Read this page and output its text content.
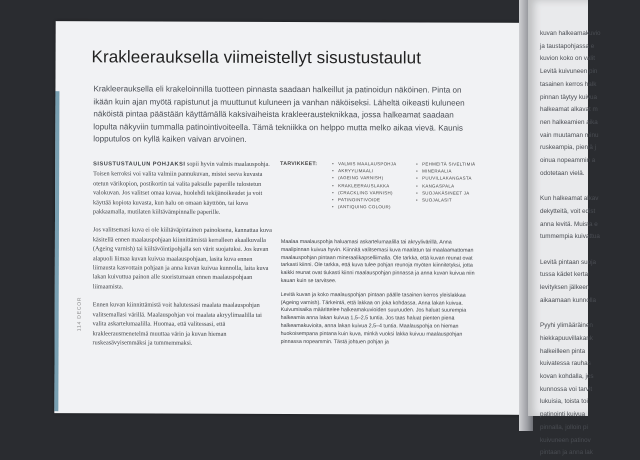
Krakleerauksella viimeistellyt sisustustaulut
Krakleerauksella eli krakeloinnilla tuotteen pinnasta saadaan halkeillut ja patinoidun näköinen. Pinta on ikään kuin ajan myötä rapistunut ja muuttunut kuluneen ja vanhan näköiseksi. Läheltä oikeasti kuluneen näköistä pintaa päästään käyttämällä kaksivaiheista krakleerausteknikkaa, jossa halkeamat saadaan lopulta näkyviin tummalla patinointivoiteella. Tämä tekniikka on helppo mutta melko aikaa vievä. Kaunis lopputulos on kyllä kaiken vaivan arvoinen.

SISUSTUSTAULUN POHJAKSI sopii hyvin valmis maalauspohja. Toisen kerroksi voi valita valmiin pannukuvan, mistei seeva kuvasta otetun värikopion, postikortin tai valita paksulle paperille tulostetun valokuvan. Jos valitset omaa kuvaa, huolehdi tekijänoikeudet ja voit käyttää kopiota kuvasta, kun halu on omaan käyttöön, tai kuva pakkaamalla, mutilaten kiiltävämpinnalle paperille.

Jos valitsemasi kuva ei ole kiiltäväpintainen painoksena, kannattaa kuva käsitellä ennen maalauspohjaan kiinnittämistä kerralleen akaalkuvalla (Ageing varnish) tai kiiltävöintipohjalla sen värit suojatuksi. Jos kuvan alapuoli liimaa kuvan kuivua maalauspohjaan, lasita kuva ennen liimausta kasvottain pohjaan ja anna kuvan kuivua kunnolla, laita kuva lakan kuivuttua painon alle suoristumaan ennen maalauspohjaan liimaamista.

Ennen kuvan kiinnittämistä voit halutessasi maalata maalauspohjan valitsemallasi värillä. Maalauspohjan voi maalata akryylimaalilla tai valita askartelumaalilla. Huomaa, että valitessasi, että krakleerausmenetelmä muuttaa värin ja kuvan hieman ruskeasävyisemmäksi ja tummemmaksi.

TARVIKKEET:
•	VALMIS MAALAUSPOHJA
• AKRYYLIMAALI
• (AGEING VARNISH)
• KRAKLEERAUSLAKKA
• (CRACKLING VARNISH)
• PATINOINTIVOIDE
• (ANTIQUING COLOUR)
• PEHMEITÄ SIVELTIMIÄ
• MINERAALIA
• PUUVILLAKANGASTA
• KANGASPALA
• SUOJAKÄSINEET JA
• SUOJALASIT

Maalaa maalauspohja haluamasi askartelumaalilla tai akryylivärillä. Anna maalipinnan kuivua hyvin. Kiinnitä valitsemasi kuva maalatun tai maalaamattoman maalauspohjan pintaan mineraalikapselliimalla. Ole tarkka, että kuvan reunat ovat tarkasti kiinni. Ole tarkka, että kuva tulee pohjan reunoja myöten kiinnitetyksi, jotta kaikki reunat ovat tiukasti kiinni maalauspohjan pinnassa ja anna kuvan kuivua niin kauan kuin se tarvitsee.

Levitä kuvan ja koko maalauspohjan pintaan päälle tasainen kerros yleislakkaa (Ageing varnish). Tärkeintä, että lakkaa on joka kohdassa. Anna lakan kuivua. Kuivumisaika määrittelee halkeamakuvioiden suuruuden. Jos haluat suurempia halkeamia anna lakan kuivua 1,5–2,5 tuntia. Jos taas haluat pienten pienä halkeamakuvioita, anna lakan kuivua 2,5–4 tuntia. Maalauspohja on hieman huokoisempana pintana kuin kuva, minkä vuoksi lakka kuivuu maalauspohjan pinnassa nopeammin. Tästä johtuen pohjan ja

114 DECOR
kuvan halkeamakuvio
ja taustapohjassa e
kuvion koko on valit
Levitä kuivuneen pin
tasainen kerros halk
pinnan täytyy kuivua
halkeamat alkavat m
nen halkeamien aika
vain muutaman minu
ruskeampia, pieniä j
oinua nopeammin a
odotetaan vielä.

Kun halkeamat alkav
dekytteitä, voit edist
anna levitä. Muista e
tummempia kuivattua

Levitä pintaan suoja
tussa kädet kertal
levityksen jälkeen
aikaamaan kunnolla

Pyyhi ylimääräinen
hiekkapuuvillakank
halkeilleen pinta
kuivatessa rauhas
kovan kohdalla, jos
kunnossa voi tarvit
lukuisia, toista toi
patinointi kuivua
pinnalla, jolloin pi
kuivuneen patinov
pintaan ja anna lak
